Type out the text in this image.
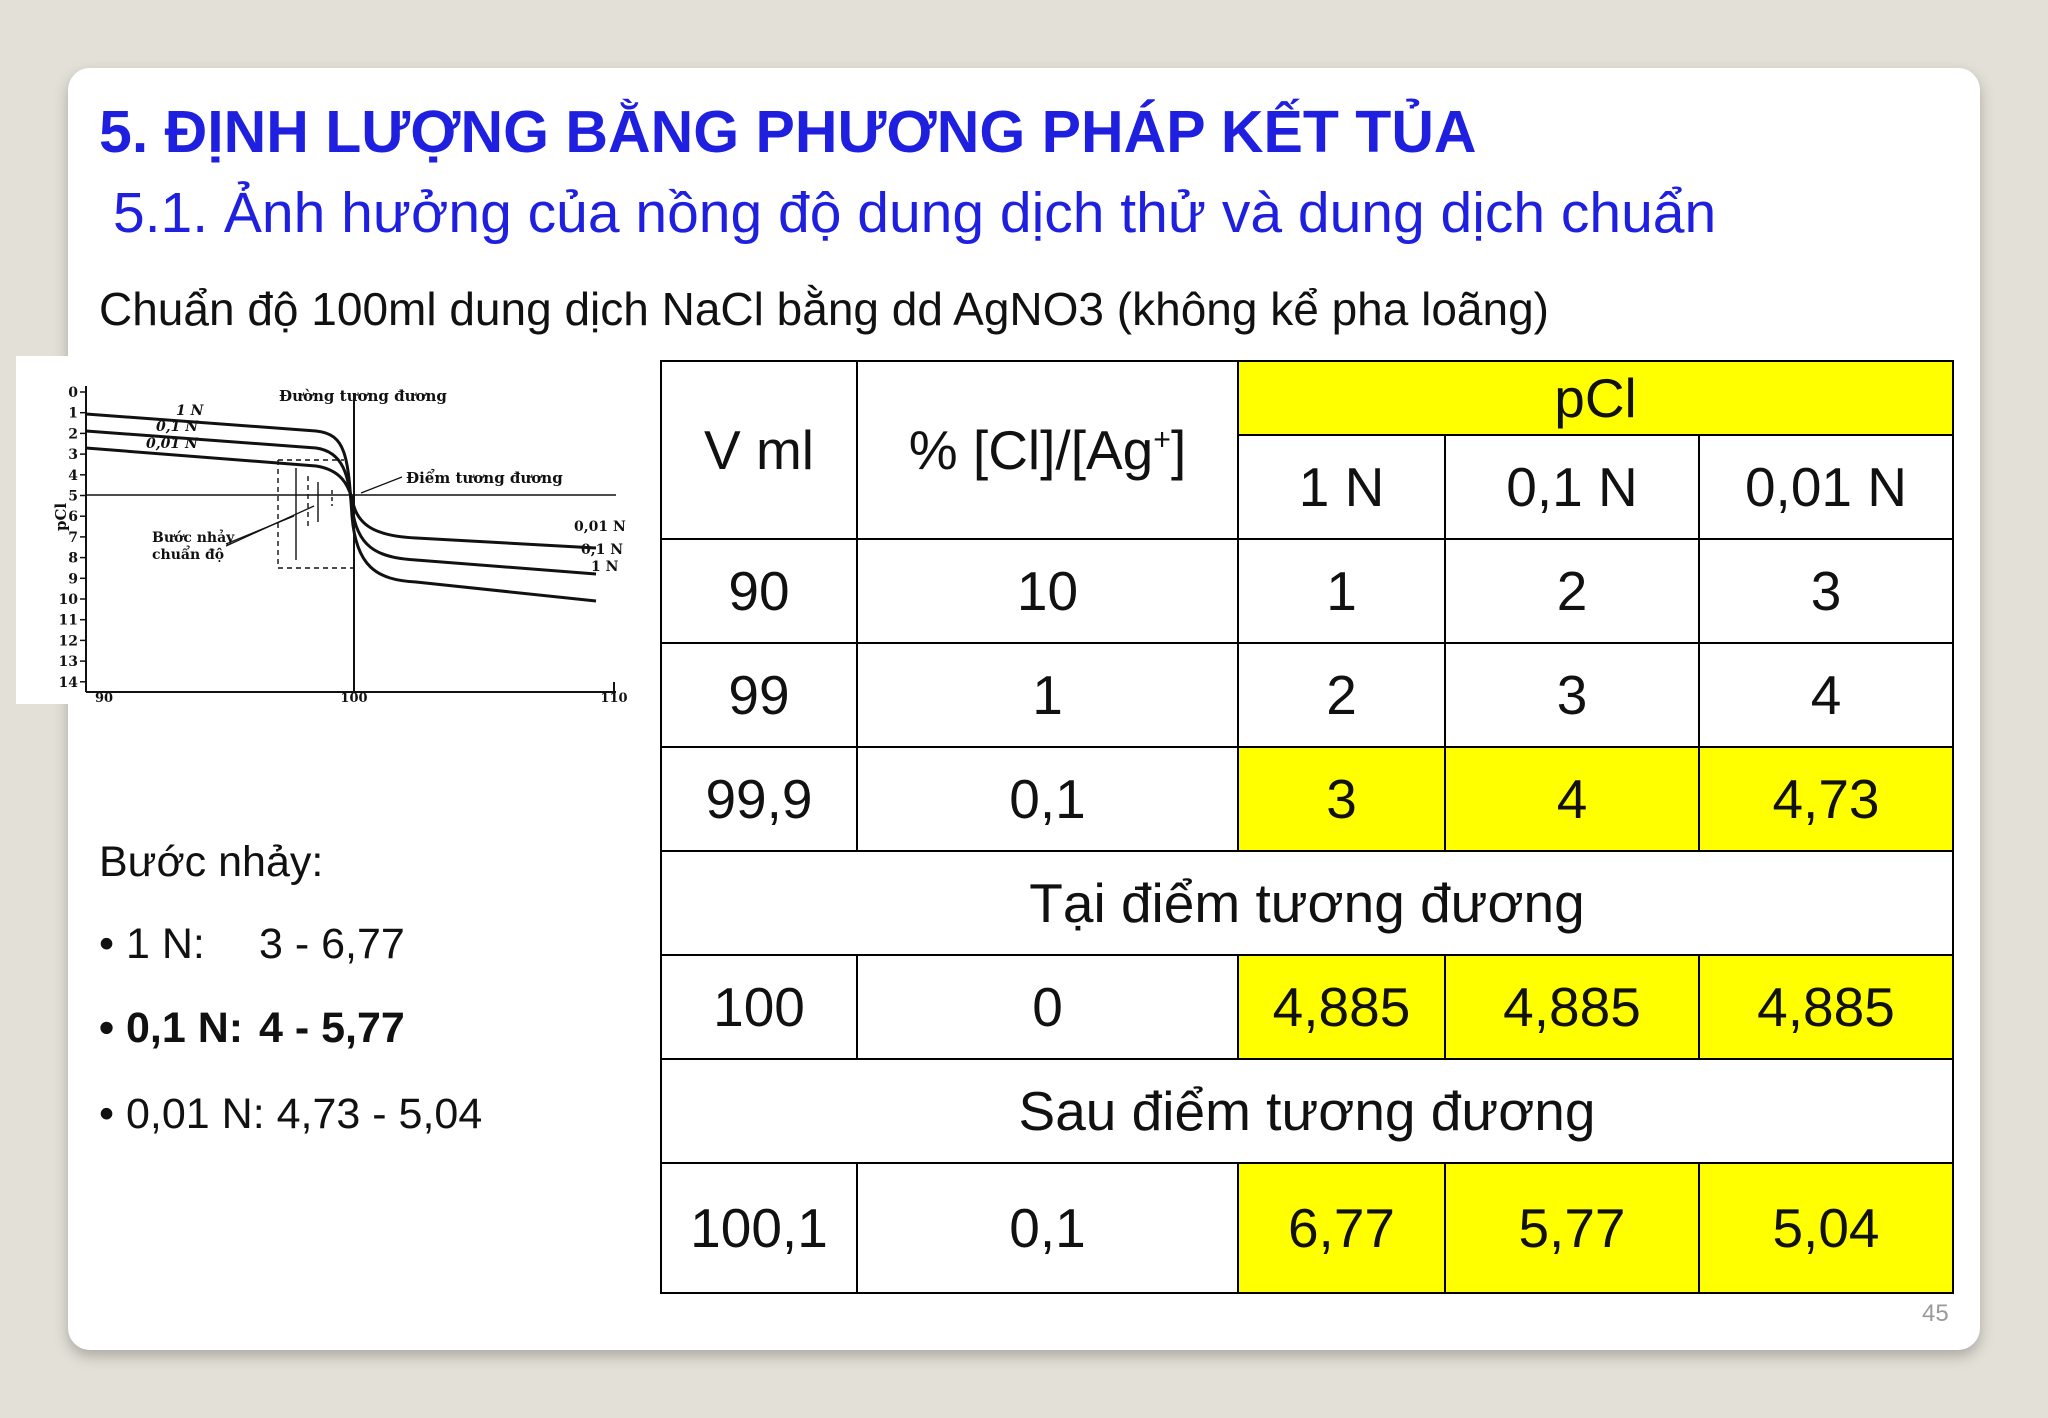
5. ĐỊNH LƯỢNG BẰNG PHƯƠNG PHÁP KẾT TỦA
5.1. Ảnh hưởng của nồng độ dung dịch thử và dung dịch chuẩn
Chuẩn độ 100ml dung dịch NaCl bằng dd AgNO3 (không kể pha loãng)
pCl
0
1
2
3
4
5
6
7
8
9
10
11
12
13
14
90	100	110
Đường tương đương
Điểm tương đương
Bước nhảy
chuẩn độ
1 N
0,1 N
0,01 N
0,01 N
0,1 N
1 N
Bước nhảy:
• 1 N: 3 - 6,77
• 0,1 N: 4 - 5,77
• 0,01 N: 4,73 - 5,04
V ml	% [Cl]/[Ag+]	pCl		
		1 N	0,1 N	0,01 N
90	10	1	2	3
99	1	2	3	4
99,9	0,1	3	4	4,73
Tại điểm tương đương				
100	0	4,885	4,885	4,885
Sau điểm tương đương				
100,1	0,1	6,77	5,77	5,04
45
